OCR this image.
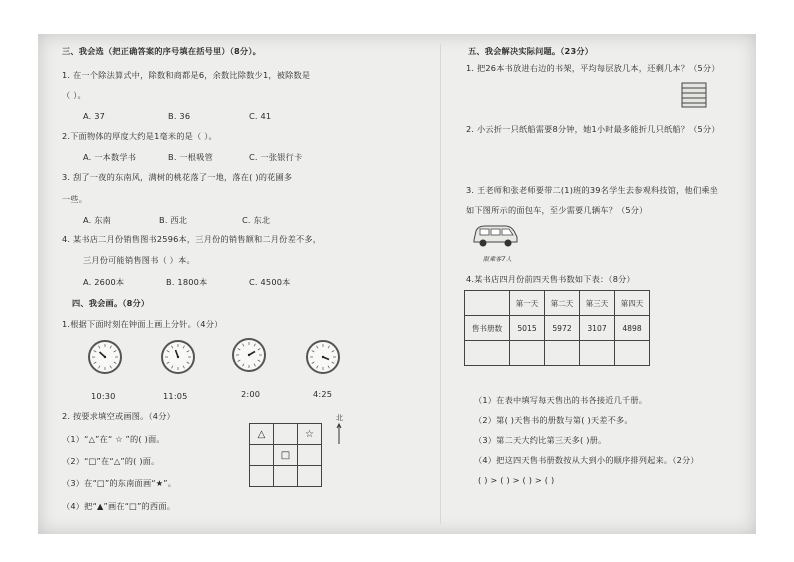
三、我会选（把正确答案的序号填在括号里）（8分）。
1. 在一个除法算式中，除数和商都是6，余数比除数少1，被除数是
（ ）。
A. 37	B. 36	C. 41
2.下面物体的厚度大约是1毫米的是（ ）。
A. 一本数学书	B. 一根吸管	C. 一张银行卡
3. 刮了一夜的东南风，满树的桃花落了一地，落在( )的花圃多
一些。
A. 东南	B. 西北	C. 东北
4. 某书店二月份销售图书2596本，三月份的销售额和二月份差不多，
三月份可能销售图书（ ）本。
A. 2600本	B. 1800本	C. 4500本
四、我会画。（8分）
1.根据下面时刻在钟面上画上分针。（4分）
10:30	11:05	2:00	4:25
2. 按要求填空或画图。（4分）
（1）“△”在“ ☆ ”的( )面。
（2）“□”在“△”的( )面。
（3）在“□”的东南面画“★”。
（4）把“▲”画在“□”的西面。
△		☆
	□	

北
五、我会解决实际问题。（23分）
1. 把26本书放进右边的书架，平均每层放几本，还剩几本？（5分）
2. 小云折一只纸船需要8分钟，她1小时最多能折几只纸船？（5分）
3. 王老师和张老师要带二(1)班的39名学生去参观科技馆，他们乘坐
如下图所示的面包车，至少需要几辆车？（5分）
限乘客7人
4.某书店四月份前四天售书数如下表：（8分）
	第一天	第二天	第三天	第四天
售书册数	5015	5972	3107	4898

（1）在表中填写每天售出的书各接近几千册。
（2）第( )天售书的册数与第( )天差不多。
（3）第二天大约比第三天多( )册。
（4）把这四天售书册数按从大到小的顺序排列起来。（2分）
( ) > ( ) > ( ) > ( )
